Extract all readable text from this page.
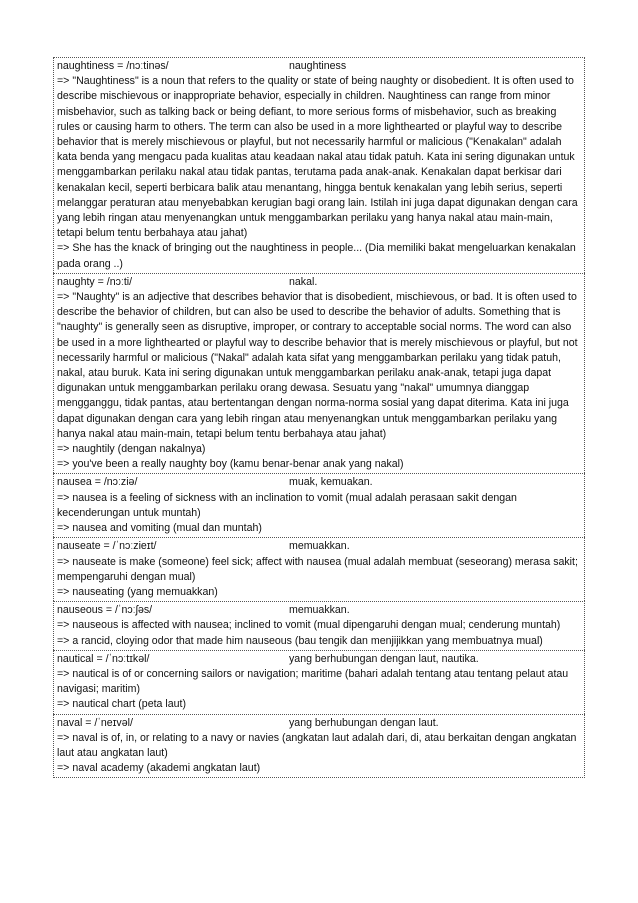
naughtiness = /nɔːtinəs/	naughtiness

=> "Naughtiness" is a noun that refers to the quality or state of being naughty or disobedient. It is often used to describe mischievous or inappropriate behavior, especially in children. Naughtiness can range from minor misbehavior, such as talking back or being defiant, to more serious forms of misbehavior, such as breaking rules or causing harm to others. The term can also be used in a more lighthearted or playful way to describe behavior that is merely mischievous or playful, but not necessarily harmful or malicious ("Kenakalan" adalah kata benda yang mengacu pada kualitas atau keadaan nakal atau tidak patuh. Kata ini sering digunakan untuk menggambarkan perilaku nakal atau tidak pantas, terutama pada anak-anak. Kenakalan dapat berkisar dari kenakalan kecil, seperti berbicara balik atau menantang, hingga bentuk kenakalan yang lebih serius, seperti melanggar peraturan atau menyebabkan kerugian bagi orang lain. Istilah ini juga dapat digunakan dengan cara yang lebih ringan atau menyenangkan untuk menggambarkan perilaku yang hanya nakal atau main-main, tetapi belum tentu berbahaya atau jahat)

=> She has the knack of bringing out the naughtiness in people... (Dia memiliki bakat mengeluarkan kenakalan pada orang ..)

naughty = /nɔːti/	nakal.

=> "Naughty" is an adjective that describes behavior that is disobedient, mischievous, or bad. It is often used to describe the behavior of children, but can also be used to describe the behavior of adults. Something that is "naughty" is generally seen as disruptive, improper, or contrary to acceptable social norms. The word can also be used in a more lighthearted or playful way to describe behavior that is merely mischievous or playful, but not necessarily harmful or malicious ("Nakal" adalah kata sifat yang menggambarkan perilaku yang tidak patuh, nakal, atau buruk. Kata ini sering digunakan untuk menggambarkan perilaku anak-anak, tetapi juga dapat digunakan untuk menggambarkan perilaku orang dewasa. Sesuatu yang "nakal" umumnya dianggap mengganggu, tidak pantas, atau bertentangan dengan norma-norma sosial yang dapat diterima. Kata ini juga dapat digunakan dengan cara yang lebih ringan atau menyenangkan untuk menggambarkan perilaku yang hanya nakal atau main-main, tetapi belum tentu berbahaya atau jahat)

=> naughtily (dengan nakalnya)

=> you've been a really naughty boy (kamu benar-benar anak yang nakal)

nausea = /nɔːziə/	muak, kemuakan.

=> nausea is a feeling of sickness with an inclination to vomit (mual adalah perasaan sakit dengan kecenderungan untuk muntah)

=> nausea and vomiting (mual dan muntah)

nauseate = /ˈnɔːzieɪt/	memuakkan.

=> nauseate is make (someone) feel sick; affect with nausea (mual adalah membuat (seseorang) merasa sakit; mempengaruhi dengan mual)

=> nauseating (yang memuakkan)

nauseous = /ˈnɔːʃəs/	memuakkan.

=> nauseous is affected with nausea; inclined to vomit (mual dipengaruhi dengan mual; cenderung muntah)

=> a rancid, cloying odor that made him nauseous (bau tengik dan menjijikkan yang membuatnya mual)

nautical = /ˈnɔːtɪkəl/	yang berhubungan dengan laut, nautika.

=> nautical is of or concerning sailors or navigation; maritime (bahari adalah tentang atau tentang pelaut atau navigasi; maritim)

=> nautical chart (peta laut)

naval = /ˈneɪvəl/	yang berhubungan dengan laut.

=> naval is of, in, or relating to a navy or navies (angkatan laut adalah dari, di, atau berkaitan dengan angkatan laut atau angkatan laut)

=> naval academy (akademi angkatan laut)
